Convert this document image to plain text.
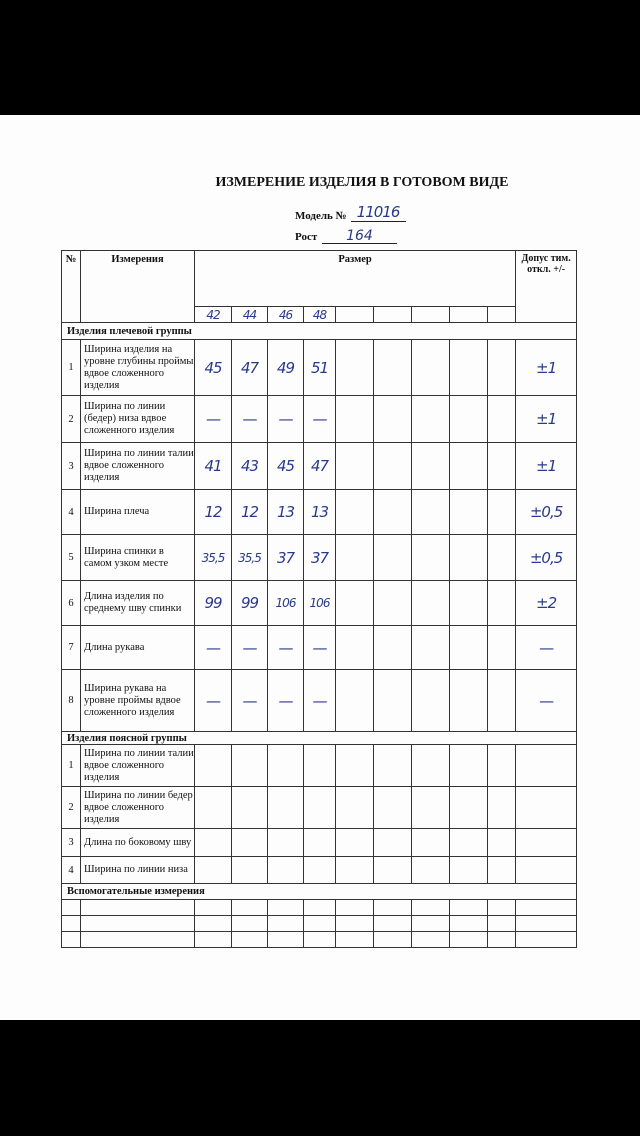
ИЗМЕРЕНИЕ ИЗДЕЛИЯ В ГОТОВОМ ВИДЕ
Модель № 11016
Рост 164
№	Измерения	Размер									Допус тим. откл. +/-
		42	44	46	48						
Изделия плечевой группы											
1	Ширина изделия на уровне глубины проймы вдвое сложенного изделия	45	47	49	51						±1
2	Ширина по линии (бедер) низа вдвое сложенного изделия	—	—	—	—						±1
3	Ширина по линии талии вдвое сложенного изделия	41	43	45	47						±1
4	Ширина плеча	12	12	13	13						±0,5
5	Ширина спинки в самом узком месте	35,5	35,5	37	37						±0,5
6	Длина изделия по среднему шву спинки	99	99	106	106						±2
7	Длина рукава	—	—	—	—						—
8	Ширина рукава на уровне проймы вдвое сложенного изделия	—	—	—	—						—
Изделия поясной группы											
1	Ширина по линии талии вдвое сложенного изделия										
2	Ширина по линии бедер вдвое сложенного изделия										
3	Длина по боковому шву										
4	Ширина по линии низа										
Вспомогательные измерения											
